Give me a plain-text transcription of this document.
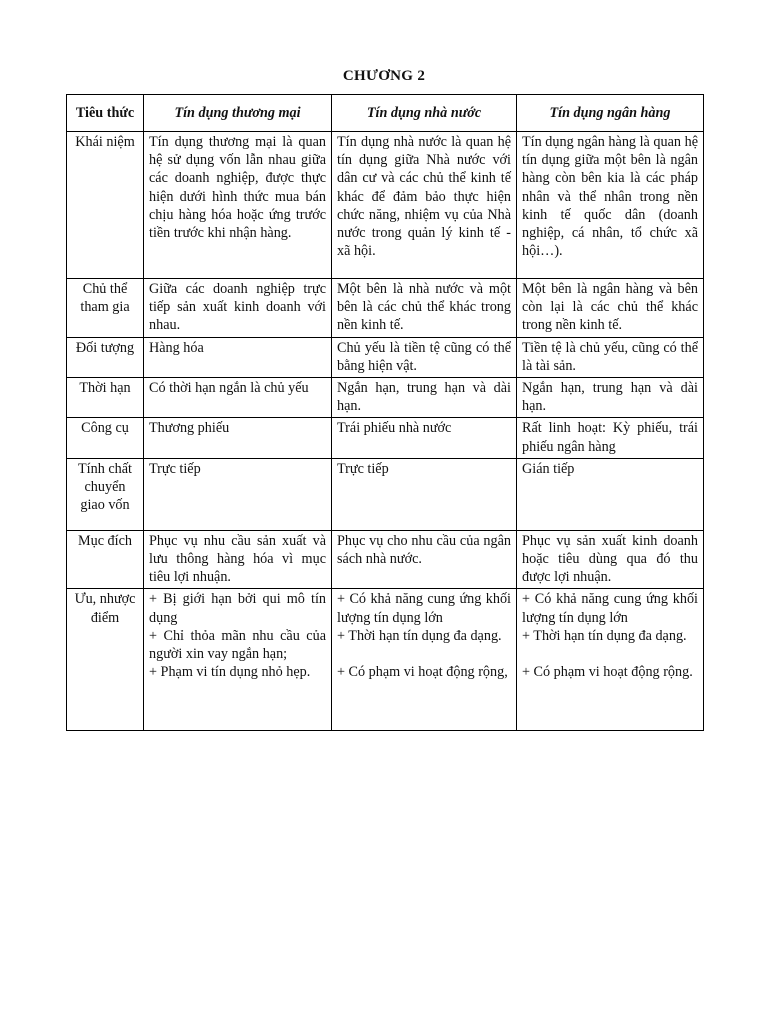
CHƯƠNG 2
Tiêu thức	Tín dụng thương mại	Tín dụng nhà nước	Tín dụng ngân hàng
Khái niệm	Tín dụng thương mại là quan hệ sử dụng vốn lẫn nhau giữa các doanh nghiệp, được thực hiện dưới hình thức mua bán chịu hàng hóa hoặc ứng trước tiền trước khi nhận hàng.	Tín dụng nhà nước là quan hệ tín dụng giữa Nhà nước với dân cư và các chủ thể kinh tế khác để đảm bảo thực hiện chức năng, nhiệm vụ của Nhà nước trong quản lý kinh tế - xã hội.	Tín dụng ngân hàng là quan hệ tín dụng giữa một bên là ngân hàng còn bên kia là các pháp nhân và thể nhân trong nền kinh tế quốc dân (doanh nghiệp, cá nhân, tổ chức xã hội…).
Chủ thể tham gia	Giữa các doanh nghiệp trực tiếp sản xuất kinh doanh với nhau.	Một bên là nhà nước và một bên là các chủ thể khác trong nền kinh tế.	Một bên là ngân hàng và bên còn lại là các chủ thể khác trong nền kinh tế.
Đối tượng	Hàng hóa	Chủ yếu là tiền tệ cũng có thể bằng hiện vật.	Tiền tệ là chủ yếu, cũng có thể là tài sản.
Thời hạn	Có thời hạn ngắn là chủ yếu	Ngắn hạn, trung hạn và dài hạn.	Ngắn hạn, trung hạn và dài hạn.
Công cụ	Thương phiếu	Trái phiếu nhà nước	Rất linh hoạt: Kỳ phiếu, trái phiếu ngân hàng
Tính chất chuyển giao vốn	Trực tiếp	Trực tiếp	Gián tiếp
Mục đích	Phục vụ nhu cầu sản xuất và lưu thông hàng hóa vì mục tiêu lợi nhuận.	Phục vụ cho nhu cầu của ngân sách nhà nước.	Phục vụ sản xuất kinh doanh hoặc tiêu dùng qua đó thu được lợi nhuận.
Ưu, nhược điểm	+ Bị giới hạn bởi qui mô tín dụng
+ Chỉ thỏa mãn nhu cầu của người xin vay ngắn hạn;
+ Phạm vi tín dụng nhỏ hẹp.	+ Có khả năng cung ứng khối lượng tín dụng lớn
+ Thời hạn tín dụng đa dạng.

+ Có phạm vi hoạt động rộng,	+ Có khả năng cung ứng khối lượng tín dụng lớn
+ Thời hạn tín dụng đa dạng.

+ Có phạm vi hoạt động rộng.
